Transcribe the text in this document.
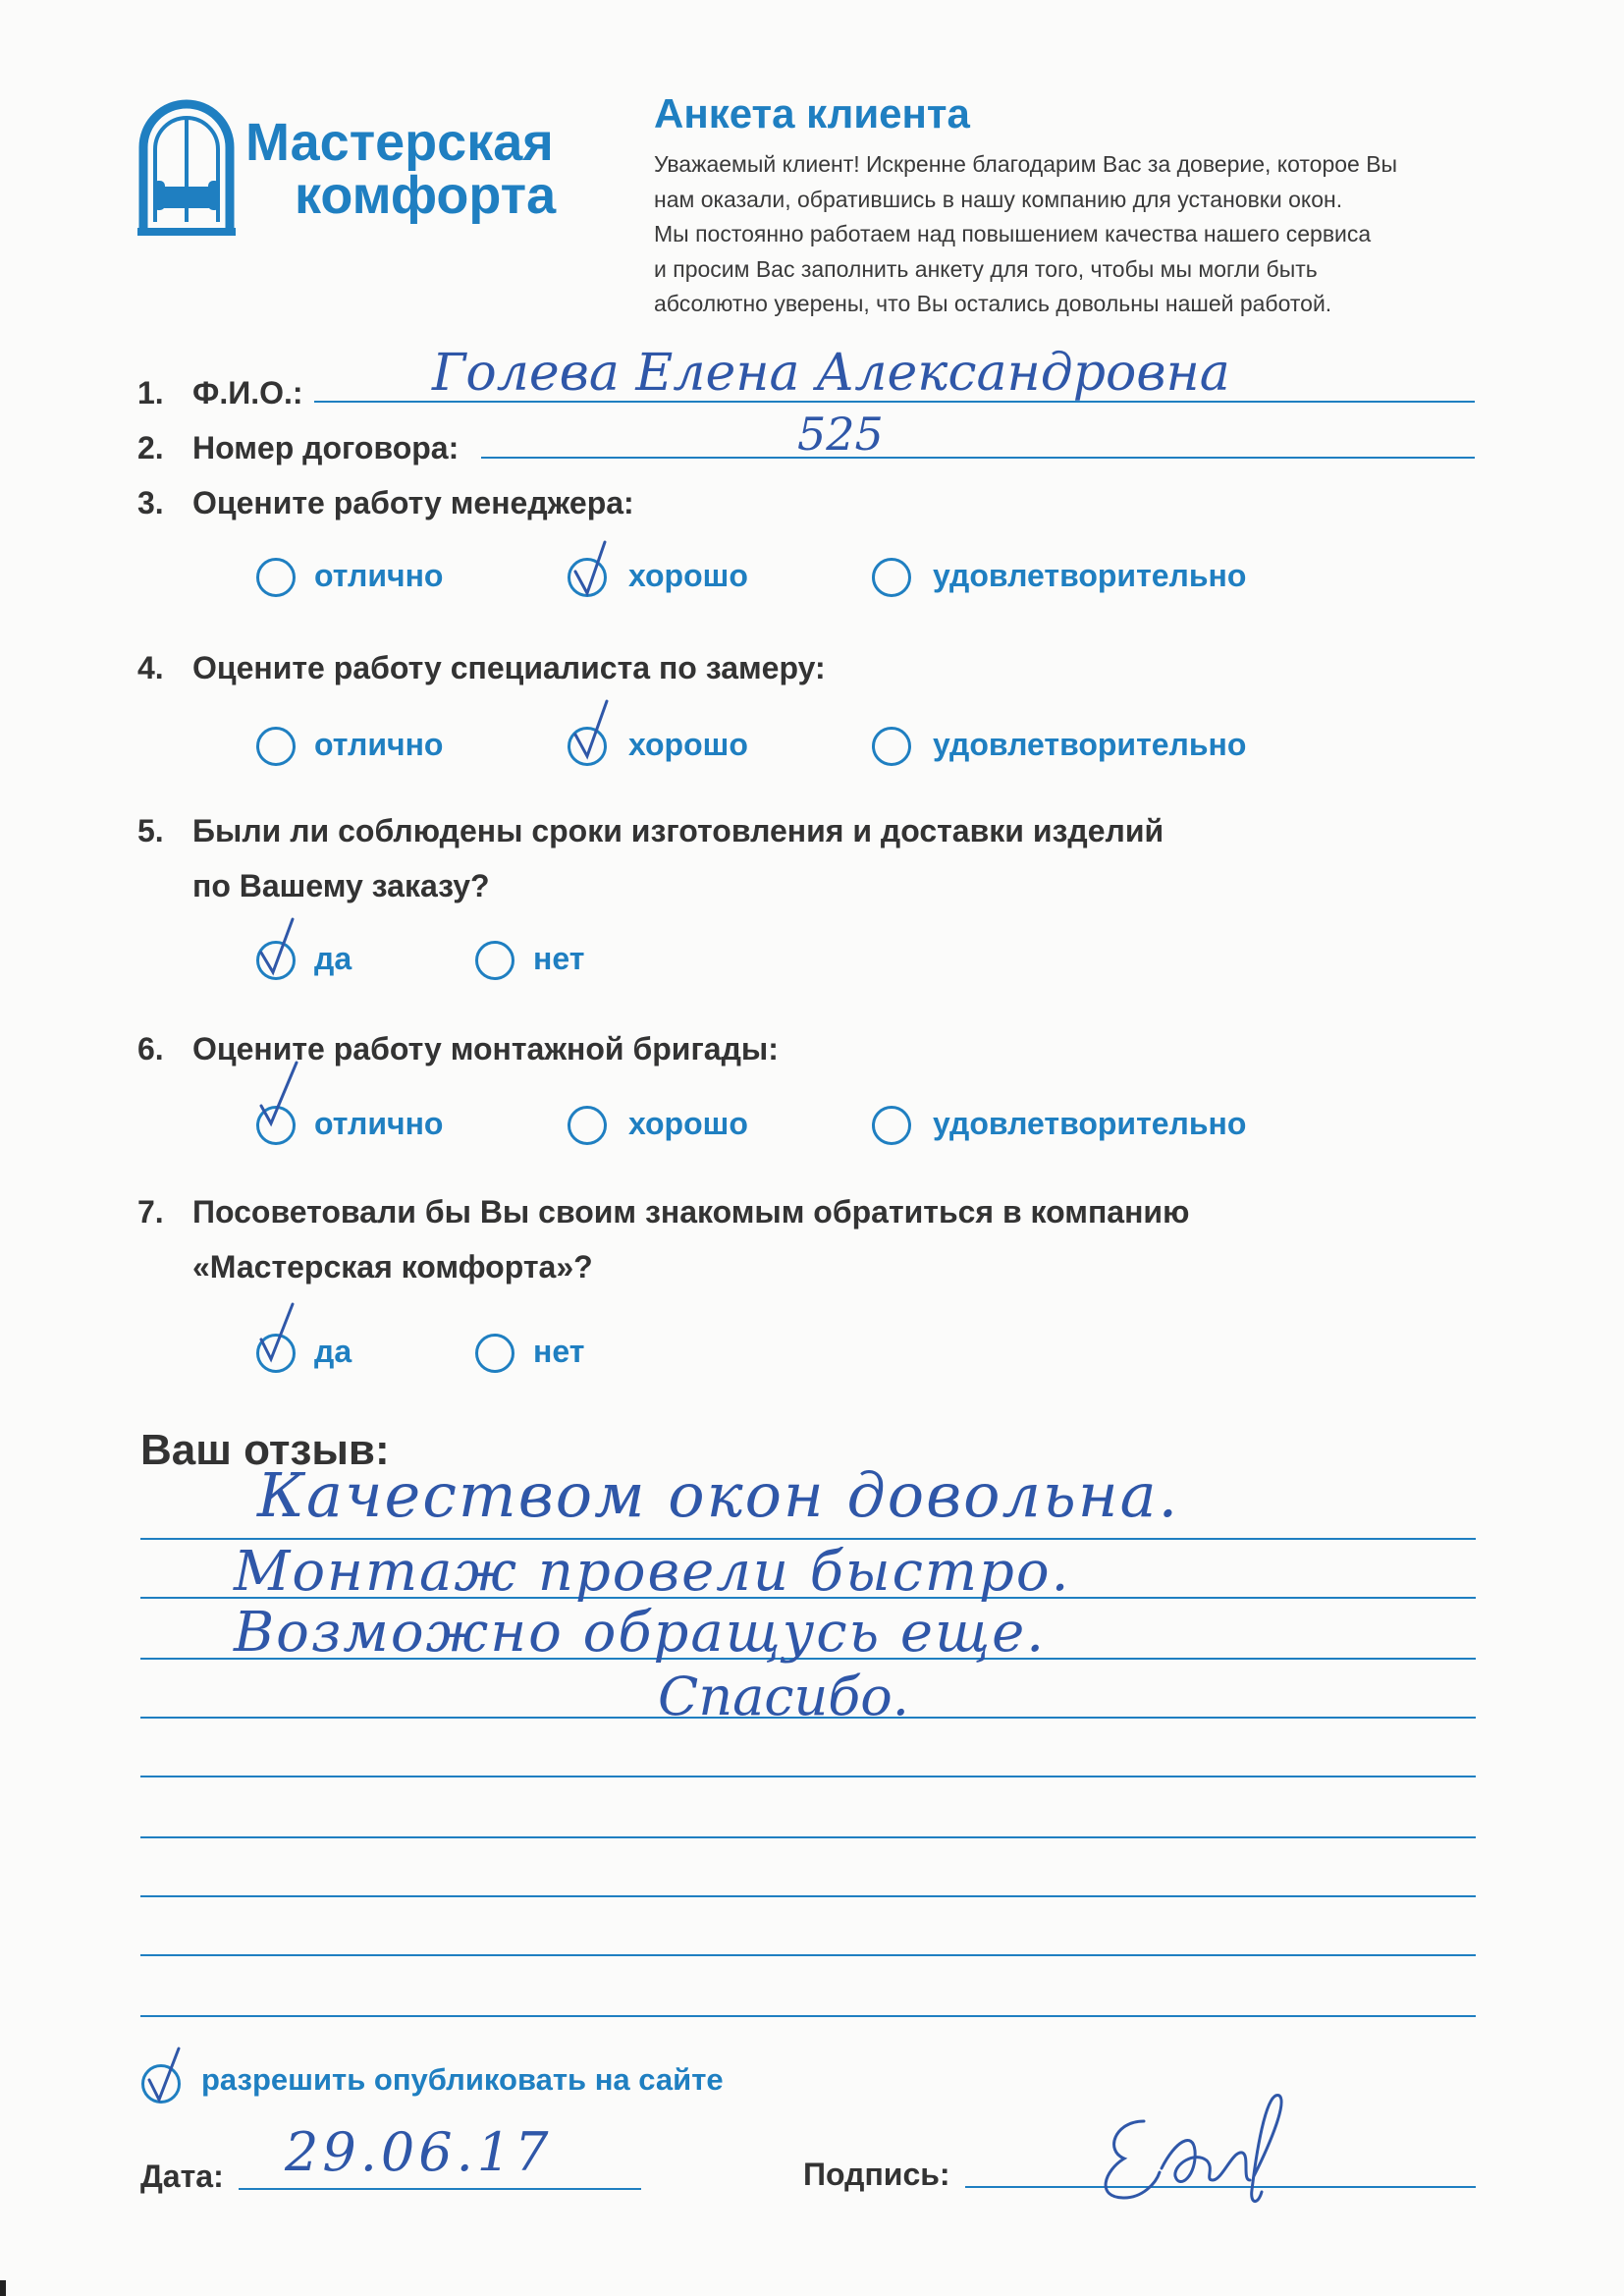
Мастерская
комфорта
Анкета клиента
Уважаемый клиент! Искренне благодарим Вас за доверие, которое Вы
нам оказали, обратившись в нашу компанию для установки окон.
Мы постоянно работаем над повышением качества нашего сервиса
и просим Вас заполнить анкету для того, чтобы мы могли быть
абсолютно уверены, что Вы остались довольны нашей работой.
1. Ф.И.О.:	Голева Елена Александровна
2. Номер договора:	525
3. Оцените работу менеджера:
отлично	хорошо	удовлетворительно
4. Оцените работу специалиста по замеру:
отлично	хорошо	удовлетворительно
5. Были ли соблюдены сроки изготовления и доставки изделий
по Вашему заказу?
да	нет
6. Оцените работу монтажной бригады:
отлично	хорошо	удовлетворительно
7. Посоветовали бы Вы своим знакомым обратиться в компанию
«Мастерская комфорта»?
да	нет
Ваш отзыв:
Качеством окон довольна.
Монтаж провели быстро.
Возможно обращусь еще.
Спасибо.
разрешить опубликовать на сайте
Дата: 29.06.17	Подпись:
